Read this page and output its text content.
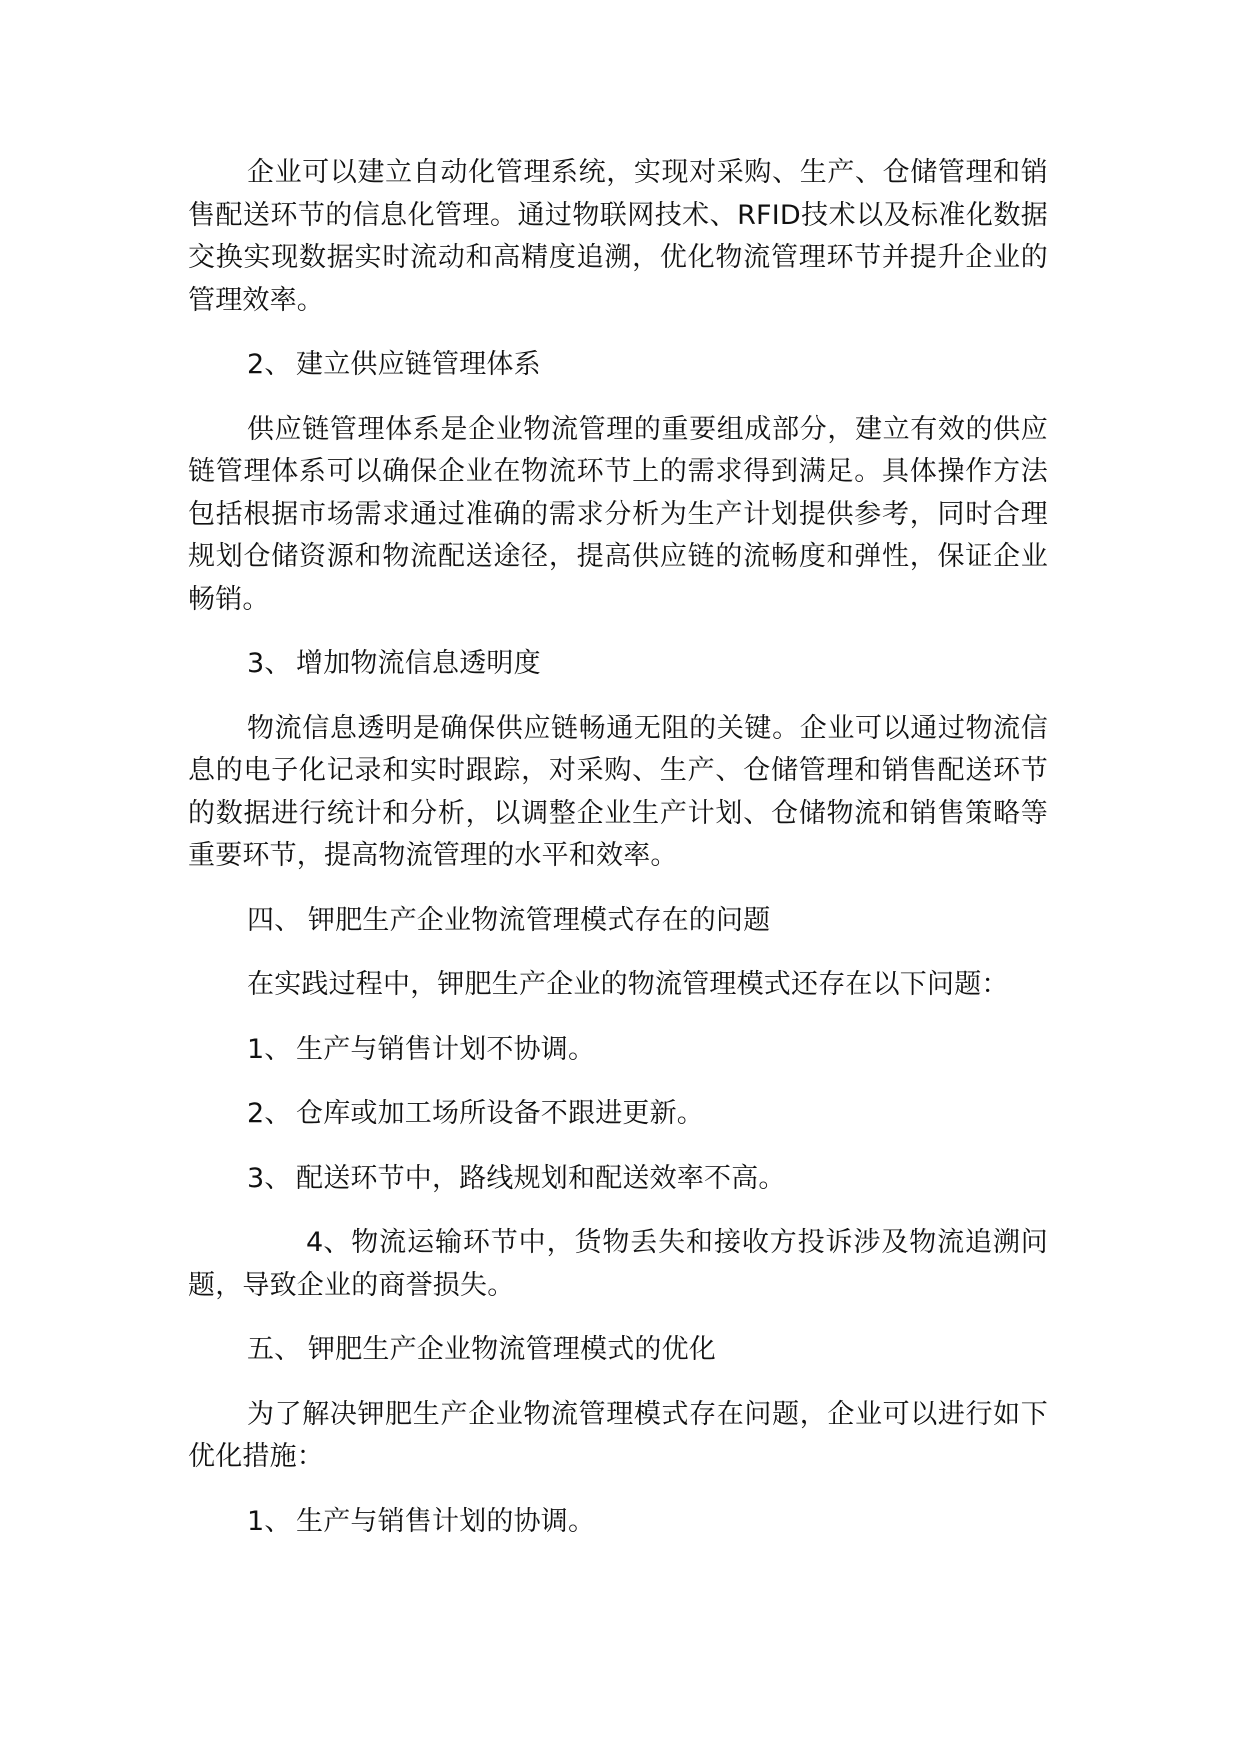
企业可以建立自动化管理系统，实现对采购、生产、仓储管理和销售配送环节的信息化管理。通过物联网技术、RFID技术以及标准化数据交换实现数据实时流动和高精度追溯，优化物流管理环节并提升企业的管理效率。

2、 建立供应链管理体系

供应链管理体系是企业物流管理的重要组成部分，建立有效的供应链管理体系可以确保企业在物流环节上的需求得到满足。具体操作方法包括根据市场需求通过准确的需求分析为生产计划提供参考，同时合理规划仓储资源和物流配送途径，提高供应链的流畅度和弹性，保证企业畅销。

3、 增加物流信息透明度

物流信息透明是确保供应链畅通无阻的关键。企业可以通过物流信息的电子化记录和实时跟踪，对采购、生产、仓储管理和销售配送环节的数据进行统计和分析，以调整企业生产计划、仓储物流和销售策略等重要环节，提高物流管理的水平和效率。

四、 钾肥生产企业物流管理模式存在的问题

在实践过程中，钾肥生产企业的物流管理模式还存在以下问题：

1、 生产与销售计划不协调。
2、 仓库或加工场所设备不跟进更新。
3、 配送环节中，路线规划和配送效率不高。

4、物流运输环节中，货物丢失和接收方投诉涉及物流追溯问题，导致企业的商誉损失。

五、 钾肥生产企业物流管理模式的优化

为了解决钾肥生产企业物流管理模式存在问题，企业可以进行如下优化措施：

1、 生产与销售计划的协调。
